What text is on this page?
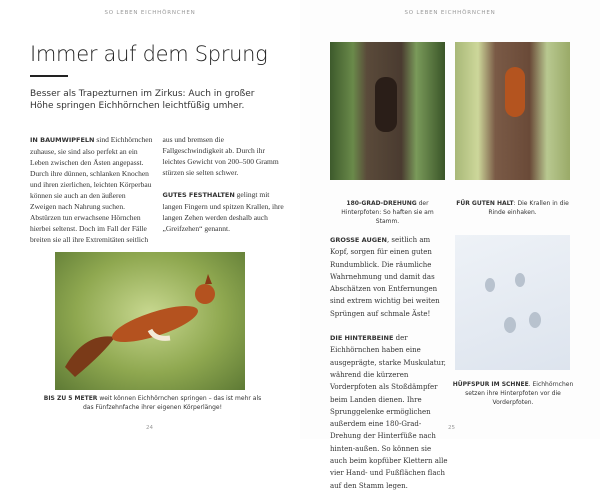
SO LEBEN EICHHÖRNCHEN
Immer auf dem Sprung
Besser als Trapezturnen im Zirkus: Auch in großer Höhe springen Eichhörnchen leichtfüßig umher.

IN BAUMWIPFELN sind Eichhörnchen zuhause, sie sind also perfekt an ein Leben zwischen den Ästen angepasst. Durch ihre dünnen, schlanken Knochen und ihren zierlichen, leichten Körperbau können sie auch an den äußeren Zweigen nach Nahrung suchen. Abstürzen tun erwachsene Hörnchen hierbei seltenst. Doch im Fall der Fälle breiten sie all ihre Extremitäten seitlich aus und bremsen die Fallgeschwindigkeit ab. Durch ihr leichtes Gewicht von 200–500 Gramm stürzen sie selten schwer.

GUTES FESTHALTEN gelingt mit langen Fingern und spitzen Krallen, ihre langen Zehen werden deshalb auch „Greifzehen“ genannt.

BIS ZU 5 METER weit können Eichhörnchen springen – das ist mehr als das Fünfzehnfache ihrer eigenen Körperlänge!
24
SO LEBEN EICHHÖRNCHEN
180-GRAD-DREHUNG der Hinterpfoten: So haften sie am Stamm.
FÜR GUTEN HALT: Die Krallen in die Rinde einhaken.

GROSSE AUGEN, seitlich am Kopf, sorgen für einen guten Rundumblick. Die räumliche Wahrnehmung und damit das Abschätzen von Entfernungen sind extrem wichtig bei weiten Sprüngen auf schmale Äste!

DIE HINTERBEINE der Eichhörnchen haben eine ausgeprägte, starke Muskulatur, während die kürzeren Vorderpfoten als Stoßdämpfer beim Landen dienen. Ihre Sprunggelenke ermöglichen außerdem eine 180-Grad-Drehung der Hinterfüße nach hinten-außen. So können sie auch beim kopfüber Klettern alle vier Hand- und Fußflächen flach auf den Stamm legen.

HÜPFSPUR IM SCHNEE. Eichhörnchen setzen ihre Hinterpfoten vor die Vorderpfoten.
25
